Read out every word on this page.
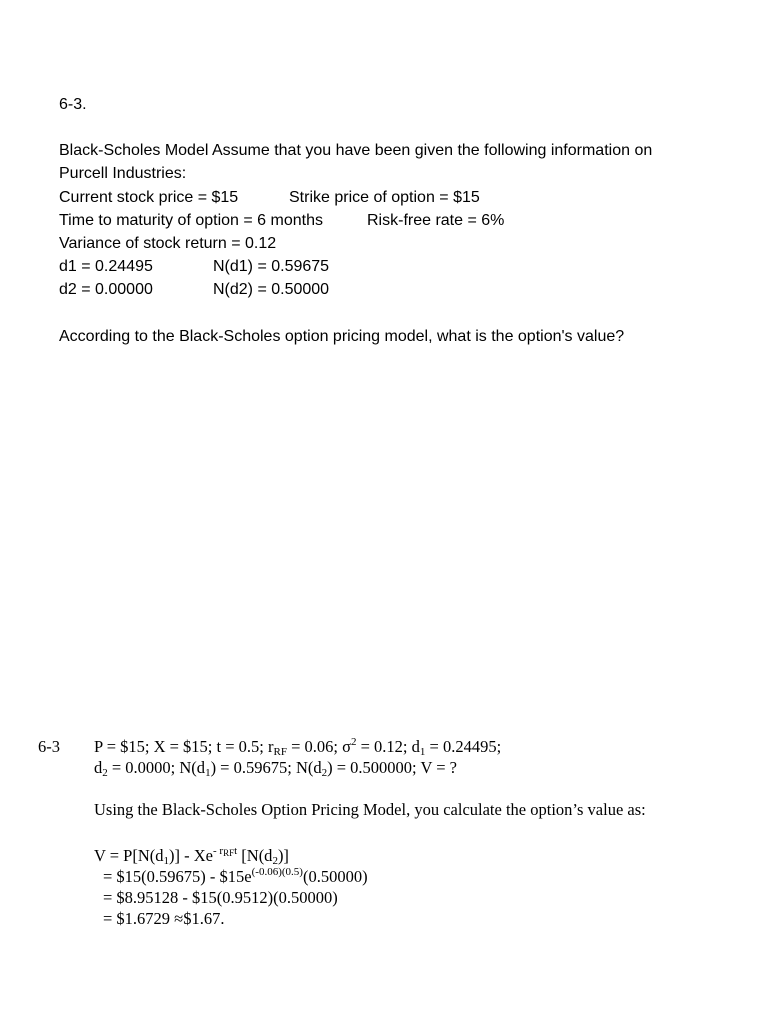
6-3.
Black-Scholes Model Assume that you have been given the following information on
Purcell Industries:
Current stock price = $15	Strike price of option = $15
Time to maturity of option = 6 months	Risk-free rate = 6%
Variance of stock return = 0.12
d1 = 0.24495	N(d1) = 0.59675
d2 = 0.00000	N(d2) = 0.50000
According to the Black-Scholes option pricing model, what is the option's value?
6-3 P = $15; X = $15; t = 0.5; $r_{RF} = 0.06$; $\sigma^2 = 0.12$; $d_1 = 0.24495$;
$d_2 = 0.0000$; $N(d_1) = 0.59675$; $N(d_2) = 0.500000$; V = ?
Using the Black-Scholes Option Pricing Model, you calculate the option’s value as:
$V = P[N(d_1)] - Xe^{- r_{RF}t}$ $[N(d_2)]$
= $15(0.59675) - $\$15e^{(-0.06)(0.5)}(0.50000)$
= $8.95128 - $15(0.9512)(0.50000)
= $1.6729 ≈$1.67.
